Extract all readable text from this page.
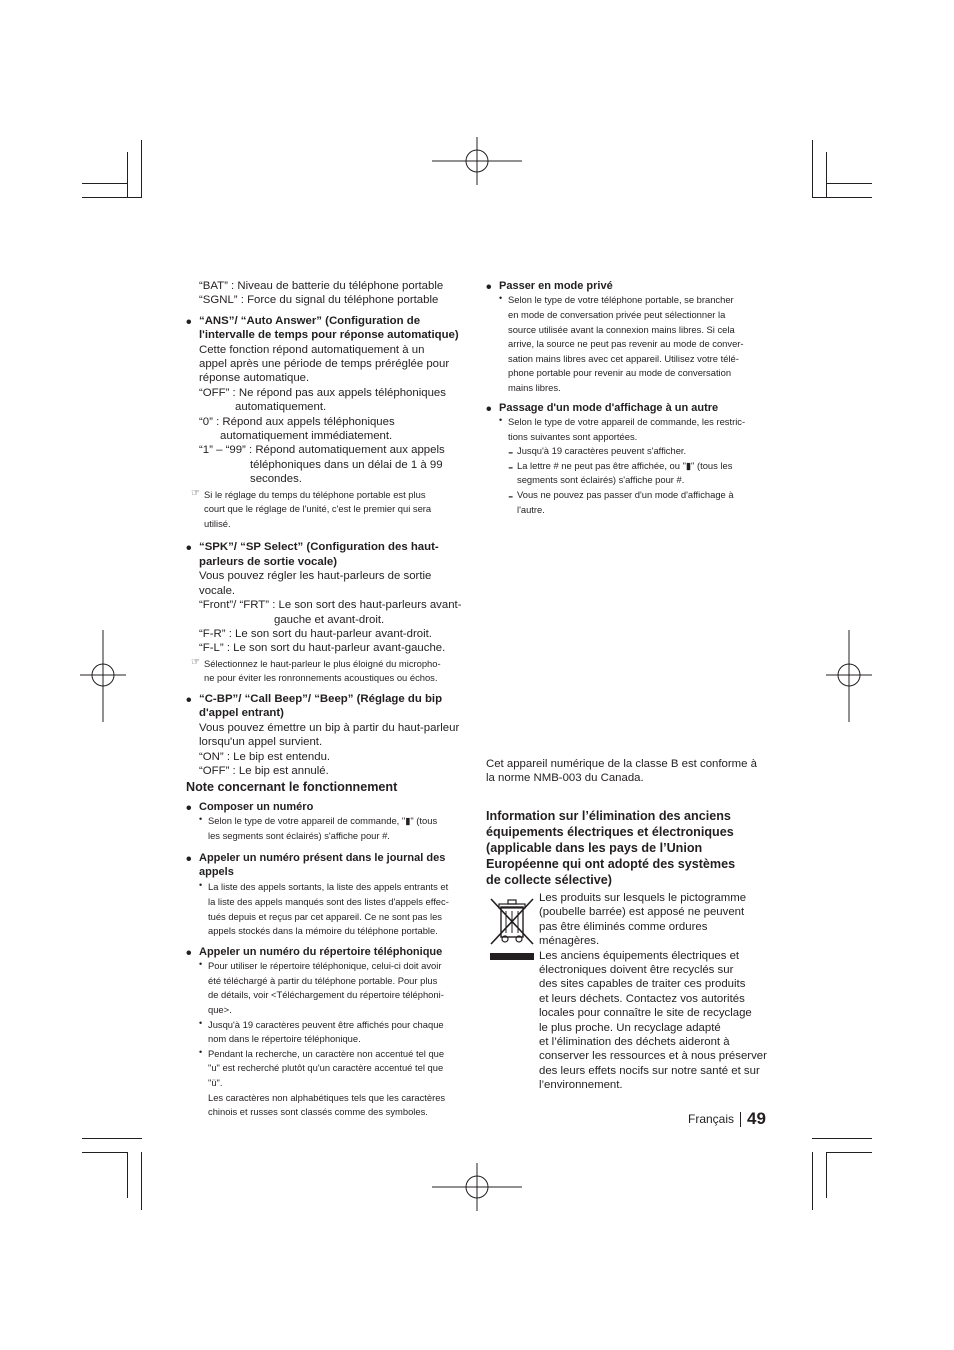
“BAT” : Niveau de batterie du téléphone portable

“SGNL” : Force du signal du téléphone portable

• “ANS”/ “Auto Answer” (Configuration de

l'intervalle de temps pour réponse automatique)

Cette fonction répond automatiquement à un

appel après une période de temps préréglée pour

réponse automatique.

“OFF” : Ne répond pas aux appels téléphoniques

automatiquement.

“0” : Répond aux appels téléphoniques

automatiquement immédiatement.

“1” – “99” : Répond automatiquement aux appels

téléphoniques dans un délai de 1 à 99

secondes.

☞ Si le réglage du temps du téléphone portable est plus

court que le réglage de l'unité, c'est le premier qui sera

utilisé.

• “SPK”/ “SP Select” (Configuration des haut-

parleurs de sortie vocale)

Vous pouvez régler les haut-parleurs de sortie

vocale.

“Front”/ “FRT” : Le son sort des haut-parleurs avant-

gauche et avant-droit.

“F-R” : Le son sort du haut-parleur avant-droit.

“F-L” : Le son sort du haut-parleur avant-gauche.

☞ Sélectionnez le haut-parleur le plus éloigné du micropho-

ne pour éviter les ronronnements acoustiques ou échos.

• “C-BP”/ “Call Beep”/ “Beep” (Réglage du bip

d'appel entrant)

Vous pouvez émettre un bip à partir du haut-parleur

lorsqu'un appel survient.

“ON” : Le bip est entendu.

“OFF” : Le bip est annulé.

Note concernant le fonctionnement

• Composer un numéro

• Selon le type de votre appareil de commande, "▮" (tous

les segments sont éclairés) s'affiche pour #.

• Appeler un numéro présent dans le journal des

appels

• La liste des appels sortants, la liste des appels entrants et

la liste des appels manqués sont des listes d'appels effec-

tués depuis et reçus par cet appareil. Ce ne sont pas les

appels stockés dans la mémoire du téléphone portable.

• Appeler un numéro du répertoire téléphonique

• Pour utiliser le répertoire téléphonique, celui-ci doit avoir

été téléchargé à partir du téléphone portable. Pour plus

de détails, voir <Téléchargement du répertoire téléphoni-

que>.

• Jusqu'à 19 caractères peuvent être affichés pour chaque

nom dans le répertoire téléphonique.

• Pendant la recherche, un caractère non accentué tel que

"u" est recherché plutôt qu'un caractère accentué tel que

"ü".

Les caractères non alphabétiques tels que les caractères

chinois et russes sont classés comme des symboles.

• Passer en mode privé

• Selon le type de votre téléphone portable, se brancher

en mode de conversation privée peut sélectionner la

source utilisée avant la connexion mains libres. Si cela

arrive, la source ne peut pas revenir au mode de conver-

sation mains libres avec cet appareil. Utilisez votre télé-

phone portable pour revenir au mode de conversation

mains libres.

• Passage d'un mode d'affichage à un autre

• Selon le type de votre appareil de commande, les restric-

tions suivantes sont apportées.

- Jusqu'à 19 caractères peuvent s'afficher.

- La lettre # ne peut pas être affichée, ou "▮" (tous les

segments sont éclairés) s'affiche pour #.

- Vous ne pouvez pas passer d'un mode d'affichage à

l'autre.

Cet appareil numérique de la classe B est conforme à

la norme NMB-003 du Canada.

Information sur l’élimination des anciens

équipements électriques et électroniques

(applicable dans les pays de l’Union

Européenne qui ont adopté des systèmes

de collecte sélective)

Les produits sur lesquels le pictogramme

(poubelle barrée) est apposé ne peuvent

pas être éliminés comme ordures

ménagères.

Les anciens équipements électriques et

électroniques doivent être recyclés sur

des sites capables de traiter ces produits

et leurs déchets. Contactez vos autorités

locales pour connaître le site de recyclage

le plus proche. Un recyclage adapté

et l’élimination des déchets aideront à

conserver les ressources et à nous préserver

des leurs effets nocifs sur notre santé et sur

l’environnement.

Français 49
